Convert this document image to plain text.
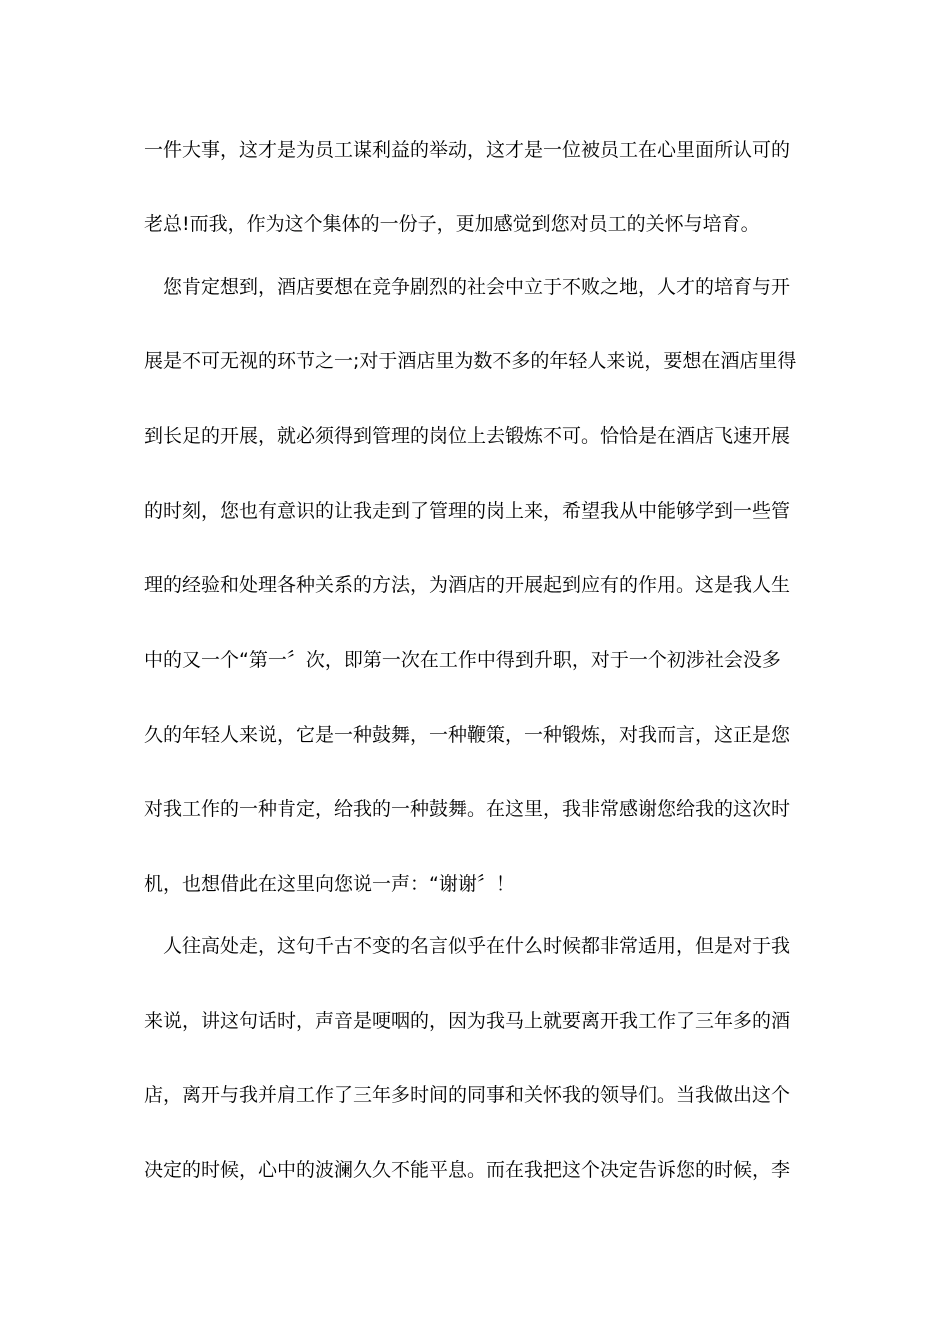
一件大事，这才是为员工谋利益的举动，这才是一位被员工在心里面所认可的
老总!而我，作为这个集体的一份子，更加感觉到您对员工的关怀与培育。
　您肯定想到，酒店要想在竞争剧烈的社会中立于不败之地，人才的培育与开
展是不可无视的环节之一;对于酒店里为数不多的年轻人来说，要想在酒店里得
到长足的开展，就必须得到管理的岗位上去锻炼不可。恰恰是在酒店飞速开展
的时刻，您也有意识的让我走到了管理的岗上来，希望我从中能够学到一些管
理的经验和处理各种关系的方法，为酒店的开展起到应有的作用。这是我人生
中的又一个“第一〞次，即第一次在工作中得到升职，对于一个初涉社会没多
久的年轻人来说，它是一种鼓舞，一种鞭策，一种锻炼，对我而言，这正是您
对我工作的一种肯定，给我的一种鼓舞。在这里，我非常感谢您给我的这次时
机，也想借此在这里向您说一声：“谢谢〞！
　人往高处走，这句千古不变的名言似乎在什么时候都非常适用，但是对于我
来说，讲这句话时，声音是哽咽的，因为我马上就要离开我工作了三年多的酒
店，离开与我并肩工作了三年多时间的同事和关怀我的领导们。当我做出这个
决定的时候，心中的波澜久久不能平息。而在我把这个决定告诉您的时候，李
